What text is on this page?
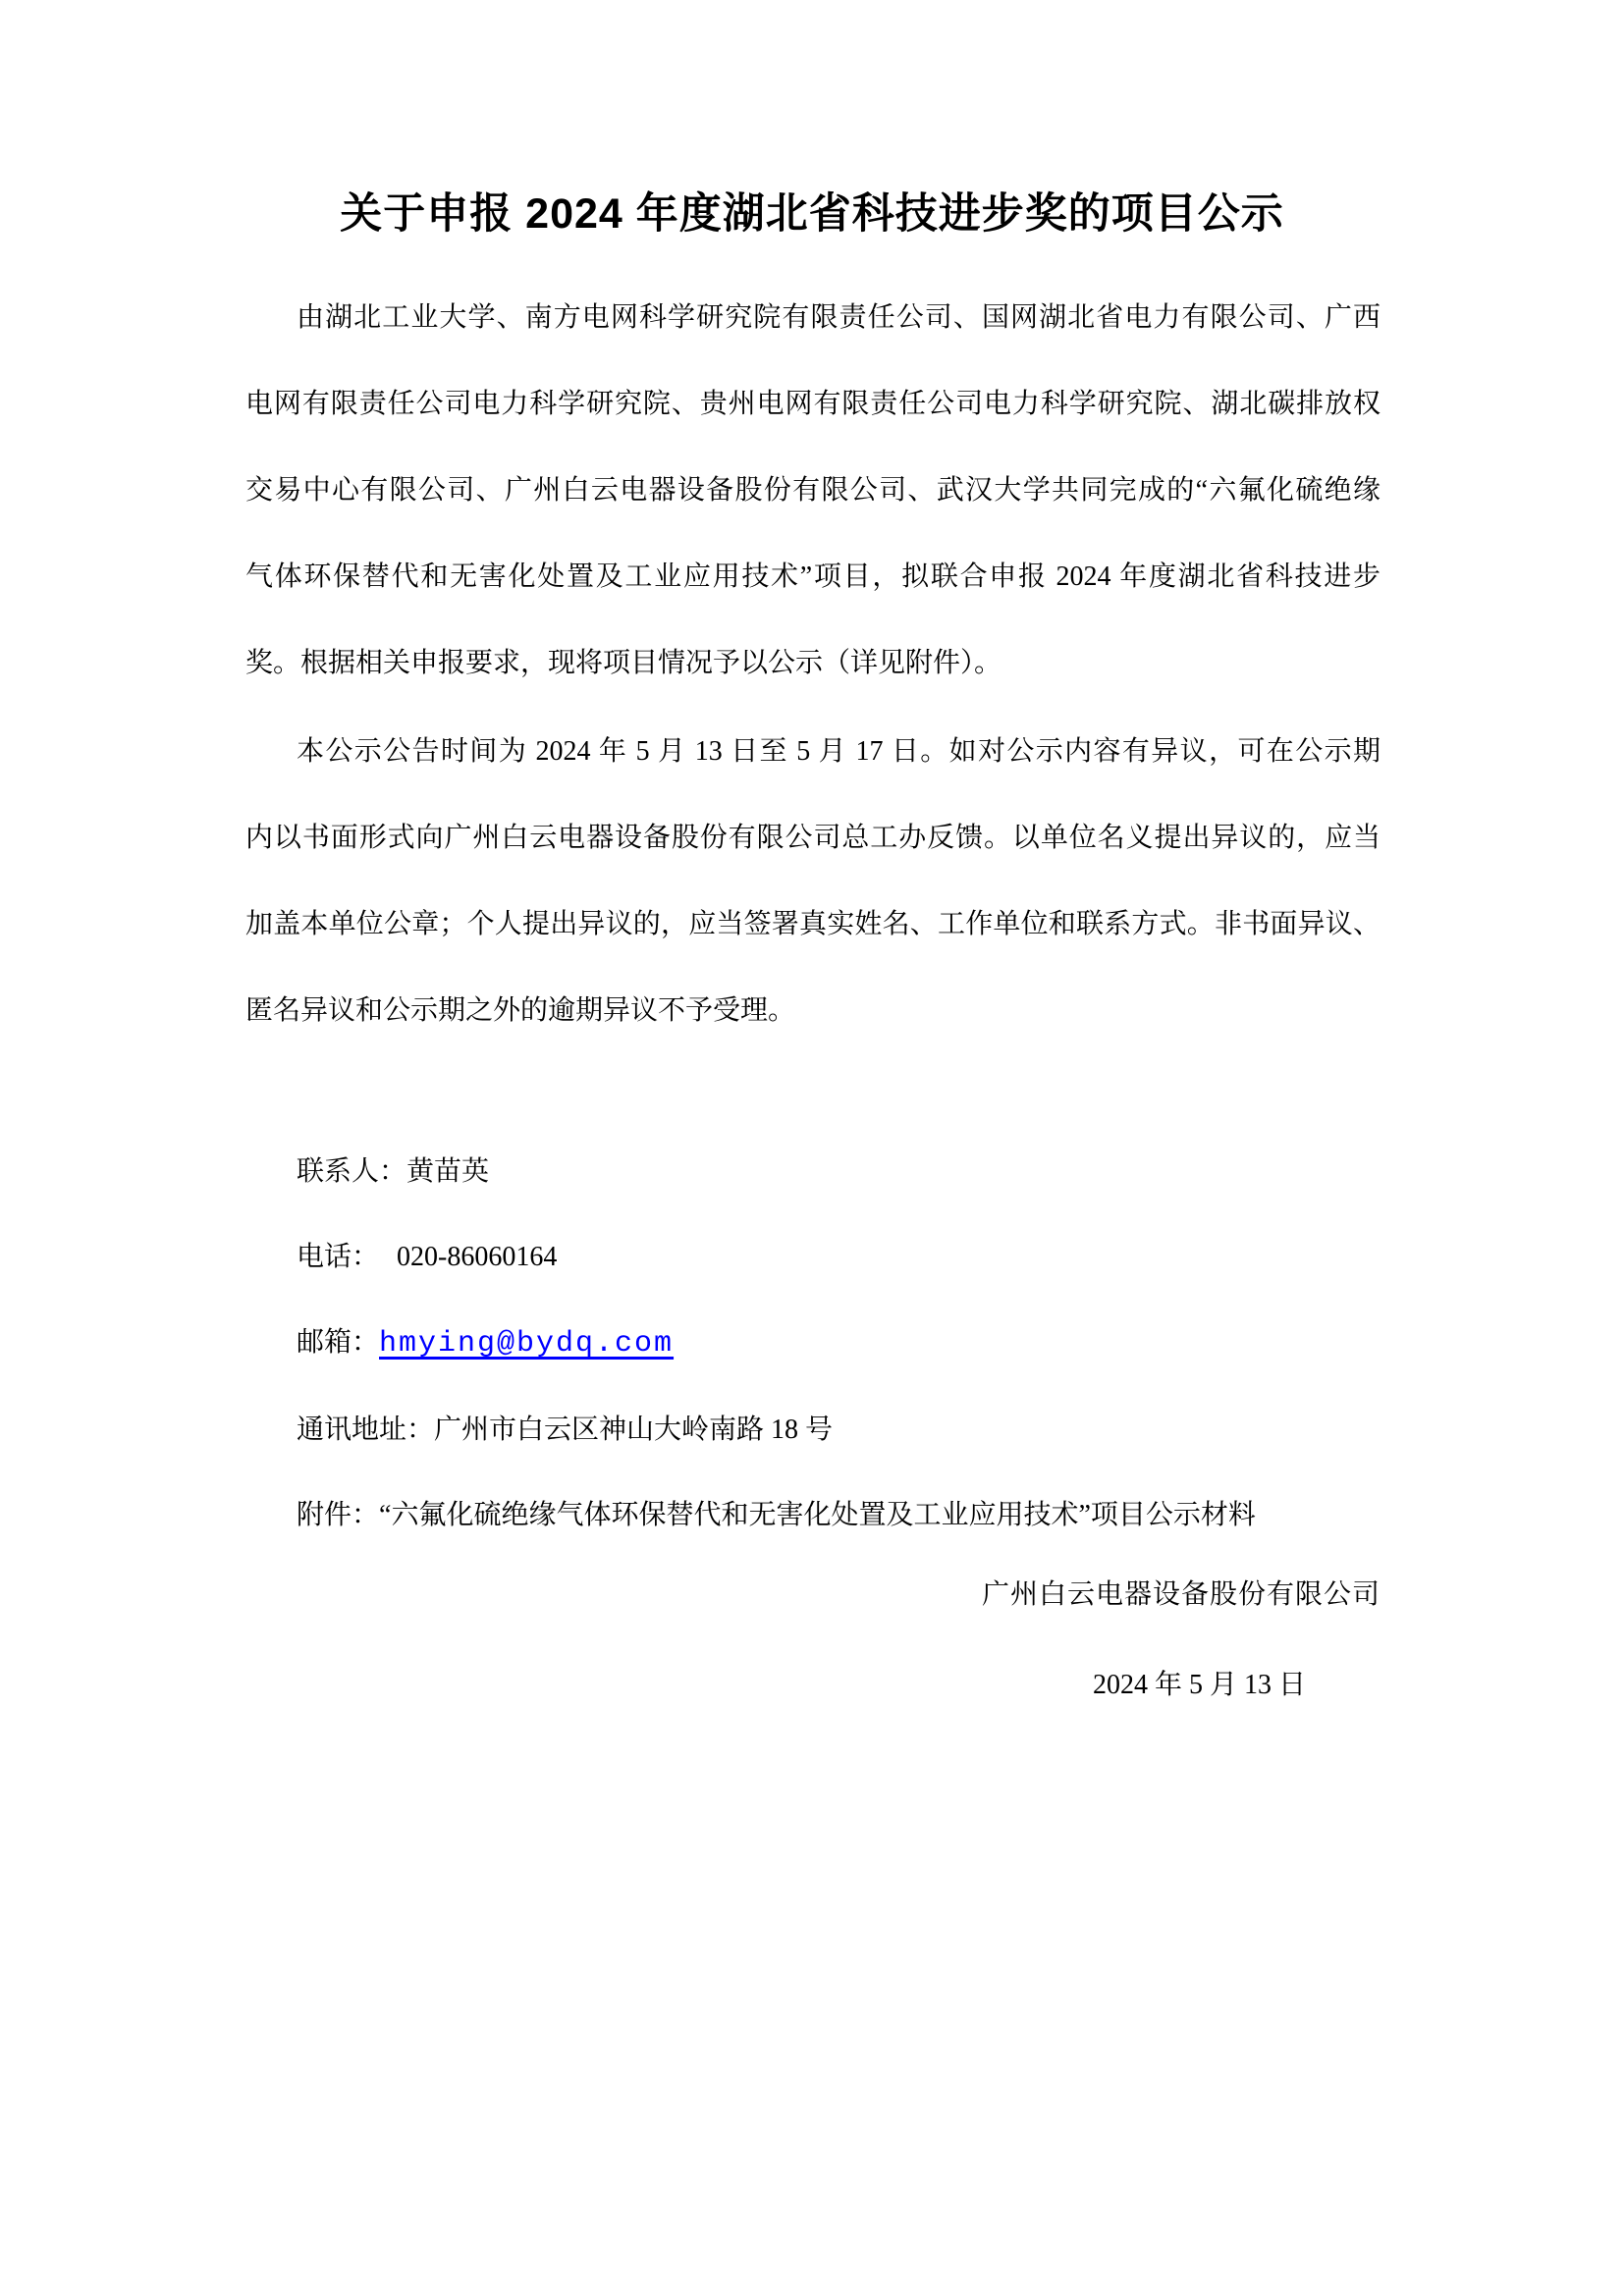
关于申报 2024 年度湖北省科技进步奖的项目公示
由湖北工业大学、南方电网科学研究院有限责任公司、国网湖北省电力有限公司、广西
电网有限责任公司电力科学研究院、贵州电网有限责任公司电力科学研究院、湖北碳排放权
交易中心有限公司、广州白云电器设备股份有限公司、武汉大学共同完成的“六氟化硫绝缘
气体环保替代和无害化处置及工业应用技术”项目，拟联合申报 2024 年度湖北省科技进步
奖。根据相关申报要求，现将项目情况予以公示（详见附件）。
本公示公告时间为 2024 年 5 月 13 日至 5 月 17 日。如对公示内容有异议，可在公示期
内以书面形式向广州白云电器设备股份有限公司总工办反馈。以单位名义提出异议的，应当
加盖本单位公章；个人提出异议的，应当签署真实姓名、工作单位和联系方式。非书面异议、
匿名异议和公示期之外的逾期异议不予受理。
联系人：黄苗英
电话： 020-86060164
邮箱：hmying@bydq.com
通讯地址：广州市白云区神山大岭南路 18 号
附件：“六氟化硫绝缘气体环保替代和无害化处置及工业应用技术”项目公示材料
广州白云电器设备股份有限公司
2024 年 5 月 13 日
